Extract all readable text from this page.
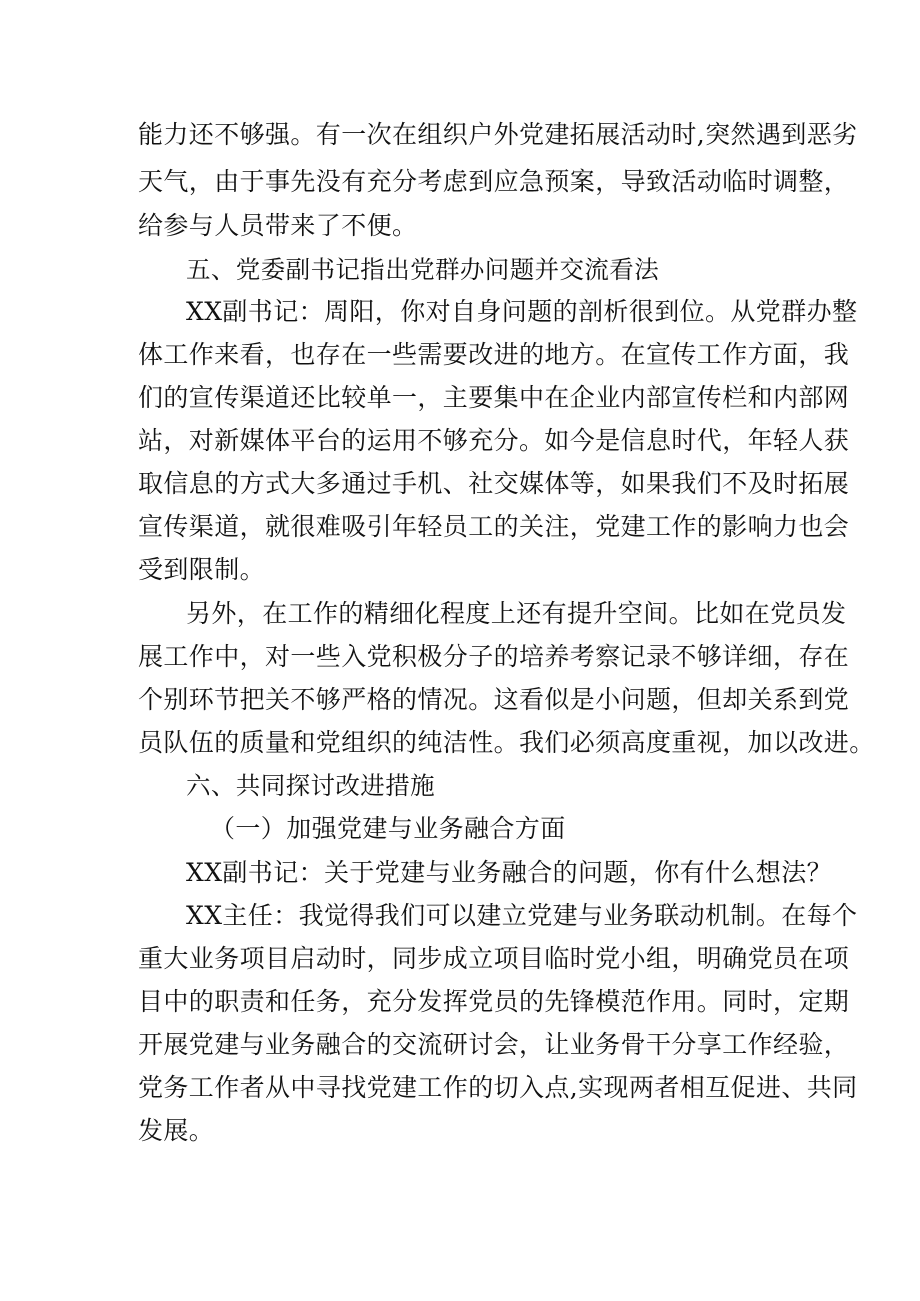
能力还不够强。有一次在组织户外党建拓展活动时,突然遇到恶劣
天气，由于事先没有充分考虑到应急预案，导致活动临时调整，
给参与人员带来了不便。
五、党委副书记指出党群办问题并交流看法
XX副书记：周阳，你对自身问题的剖析很到位。从党群办整
体工作来看，也存在一些需要改进的地方。在宣传工作方面，我
们的宣传渠道还比较单一，主要集中在企业内部宣传栏和内部网
站，对新媒体平台的运用不够充分。如今是信息时代，年轻人获
取信息的方式大多通过手机、社交媒体等，如果我们不及时拓展
宣传渠道，就很难吸引年轻员工的关注，党建工作的影响力也会
受到限制。
另外，在工作的精细化程度上还有提升空间。比如在党员发
展工作中，对一些入党积极分子的培养考察记录不够详细，存在
个别环节把关不够严格的情况。这看似是小问题，但却关系到党
员队伍的质量和党组织的纯洁性。我们必须高度重视，加以改进。
六、共同探讨改进措施
（一）加强党建与业务融合方面
XX副书记：关于党建与业务融合的问题，你有什么想法？
XX主任：我觉得我们可以建立党建与业务联动机制。在每个
重大业务项目启动时，同步成立项目临时党小组，明确党员在项
目中的职责和任务，充分发挥党员的先锋模范作用。同时，定期
开展党建与业务融合的交流研讨会，让业务骨干分享工作经验，
党务工作者从中寻找党建工作的切入点,实现两者相互促进、共同
发展。
